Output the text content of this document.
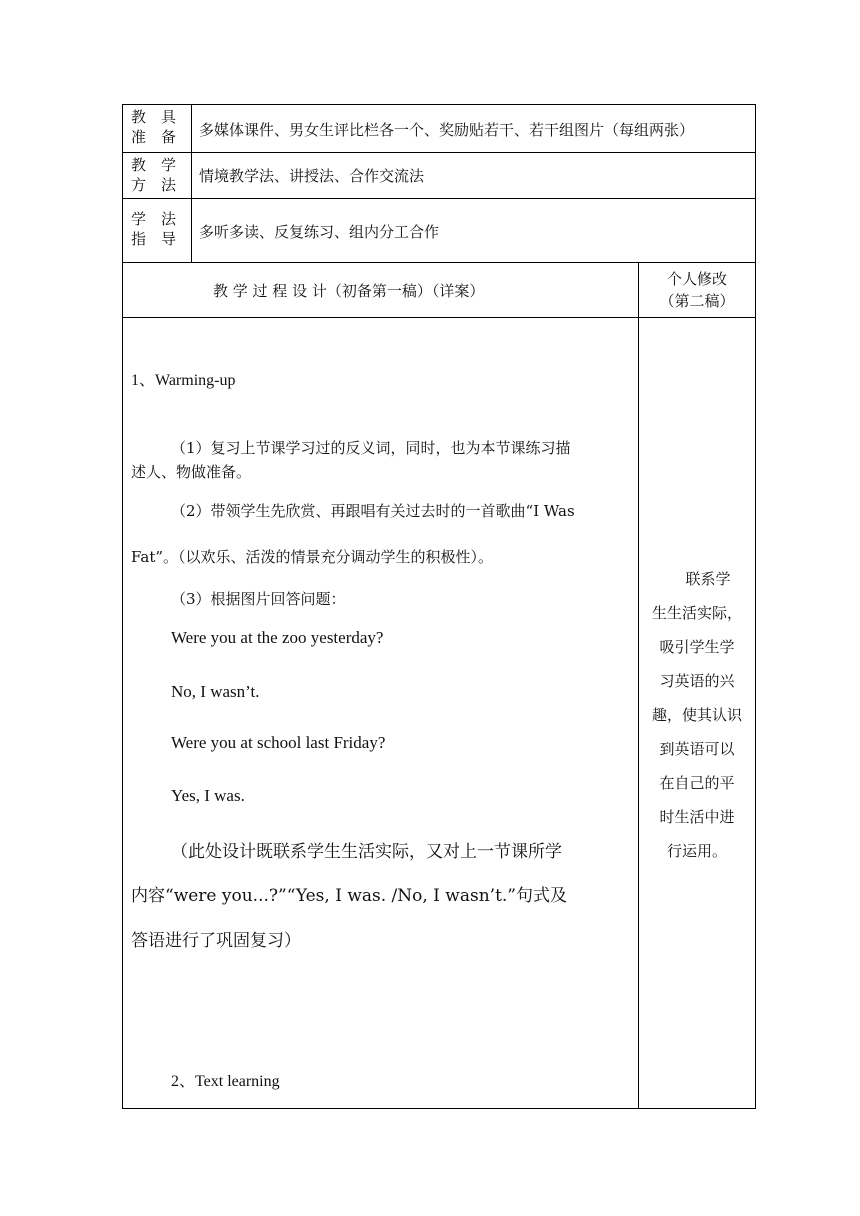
教　具
准　备 多媒体课件、男女生评比栏各一个、奖励贴若干、若干组图片（每组两张）
教　学
方　法 情境教学法、讲授法、合作交流法
学　法
指　导 多听多读、反复练习、组内分工合作
教 学 过 程 设 计（初备第一稿）（详案）
个人修改
（第二稿）
1、Warming-up
（1）复习上节课学习过的反义词，同时，也为本节课练习描
述人、物做准备。
（2）带领学生先欣赏、再跟唱有关过去时的一首歌曲“I Was
Fat”。（以欢乐、活泼的情景充分调动学生的积极性）。
（3）根据图片回答问题：
Were you at the zoo yesterday?
No, I wasn’t.
Were you at school last Friday?
Yes, I was.
（此处设计既联系学生生活实际，又对上一节课所学
内容“were you...?”“Yes, I was. /No, I wasn’t.”句式及
答语进行了巩固复习）
2、Text learning
联系学
生生活实际，
吸引学生学
习英语的兴
趣，使其认识
到英语可以
在自己的平
时生活中进
行运用。
